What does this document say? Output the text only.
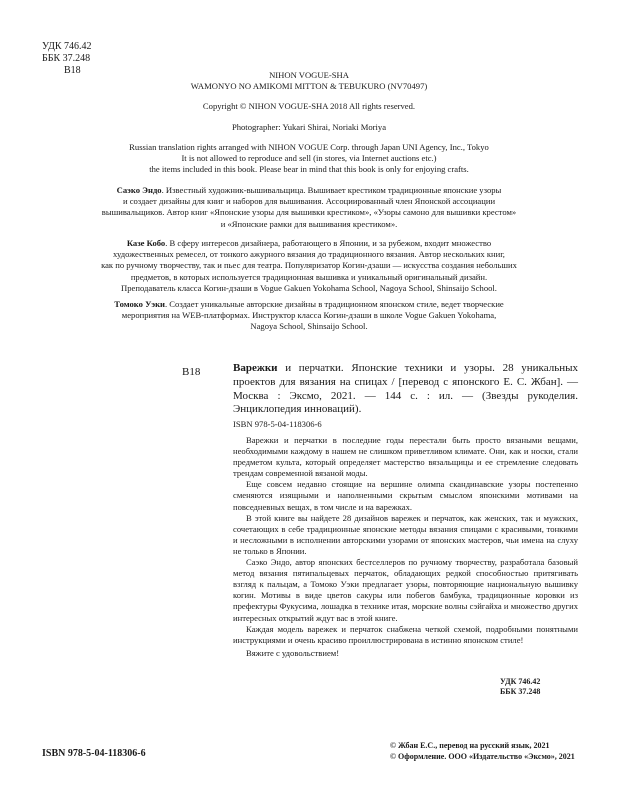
УДК 746.42
ББК 37.248
В18	NIHON VOGUE-SHA

WAMONYO NO AMIKOMI MITTON & TEBUKURO (NV70497)

Copyright © NIHON VOGUE-SHA 2018 All rights reserved.

Photographer: Yukari Shirai, Noriaki Moriya

Russian translation rights arranged with NIHON VOGUE Corp. through Japan UNI Agency, Inc., Tokyo

It is not allowed to reproduce and sell (in stores, via Internet auctions etc.)

the items included in this book. Please bear in mind that this book is only for enjoying crafts.

Саэко Эндо. Известный художник-вышивальщица. Вышивает крестиком традиционные японские узоры

и создает дизайны для книг и наборов для вышивания. Ассоциированный член Японской ассоциации

вышивальщиков. Автор книг «Японские узоры для вышивки крестиком», «Узоры самоно для вышивки крестом»

и «Японские рамки для вышивания крестиком».

Казе Кобо. В сферу интересов дизайнера, работающего в Японии, и за рубежом, входит множество

художественных ремесел, от тонкого ажурного вязания до традиционного вязания. Автор нескольких книг,

как по ручному творчеству, так и пьес для театра. Популяризатор Когин-дзаши — искусства создания небольших

предметов, в которых используется традиционная вышивка и уникальный оригинальный дизайн.

Преподаватель класса Когин-дзаши в Vogue Gakuen Yokohama School, Nagoya School, Shinsaijo School.

Томоко Уэки. Создает уникальные авторские дизайны в традиционном японском стиле, ведет творческие

мероприятия на WEB-платформах. Инструктор класса Когин-дзаши в школе Vogue Gakuen Yokohama,

Nagoya School, Shinsaijo School.

В18	Варежки и перчатки. Японские техники и узоры. 28 уникальных проектов для вязания на спицах / [перевод с японского Е. С. Жбан]. — Москва : Эксмо, 2021. — 144 с. : ил. — (Звезды рукоделия. Энциклопедия инноваций).

ISBN 978-5-04-118306-6

Варежки и перчатки в последние годы перестали быть просто вязаными вещами, необходимыми каждому в нашем не слишком приветливом климате. Они, как и носки, стали предметом культа, который определяет мастерство вязальщицы и ее стремление следовать трендам современной вязаной моды.

Еще совсем недавно стоящие на вершине олимпа скандинавские узоры постепенно сменяются изящными и наполненными скрытым смыслом японскими мотивами на повседневных вещах, в том числе и на варежках.

В этой книге вы найдете 28 дизайнов варежек и перчаток, как женских, так и мужских, сочетающих в себе традиционные японские методы вязания спицами с красивыми, тонкими и несложными в исполнении авторскими узорами от японских мастеров, чьи имена на слуху не только в Японии.

Саэко Эндо, автор японских бестселлеров по ручному творчеству, разработала базовый метод вязания пятипальцевых перчаток, обладающих редкой способностью притягивать взгляд к пальцам, а Томоко Уэки предлагает узоры, повторяющие национальную вышивку когин. Мотивы в виде цветов сакуры или побегов бамбука, традиционные коровки из префектуры Фукусима, лошадка в технике итая, морские волны сэйгайха и множество других интересных открытий ждут вас в этой книге.

Каждая модель варежек и перчаток снабжена четкой схемой, подробными понятными инструкциями и очень красиво проиллюстрирована в истинно японском стиле!

Вяжите с удовольствием!

УДК 746.42
ББК 37.248
ISBN 978-5-04-118306-6
© Жбан Е.С., перевод на русский язык, 2021
© Оформление. ООО «Издательство «Эксмо», 2021
